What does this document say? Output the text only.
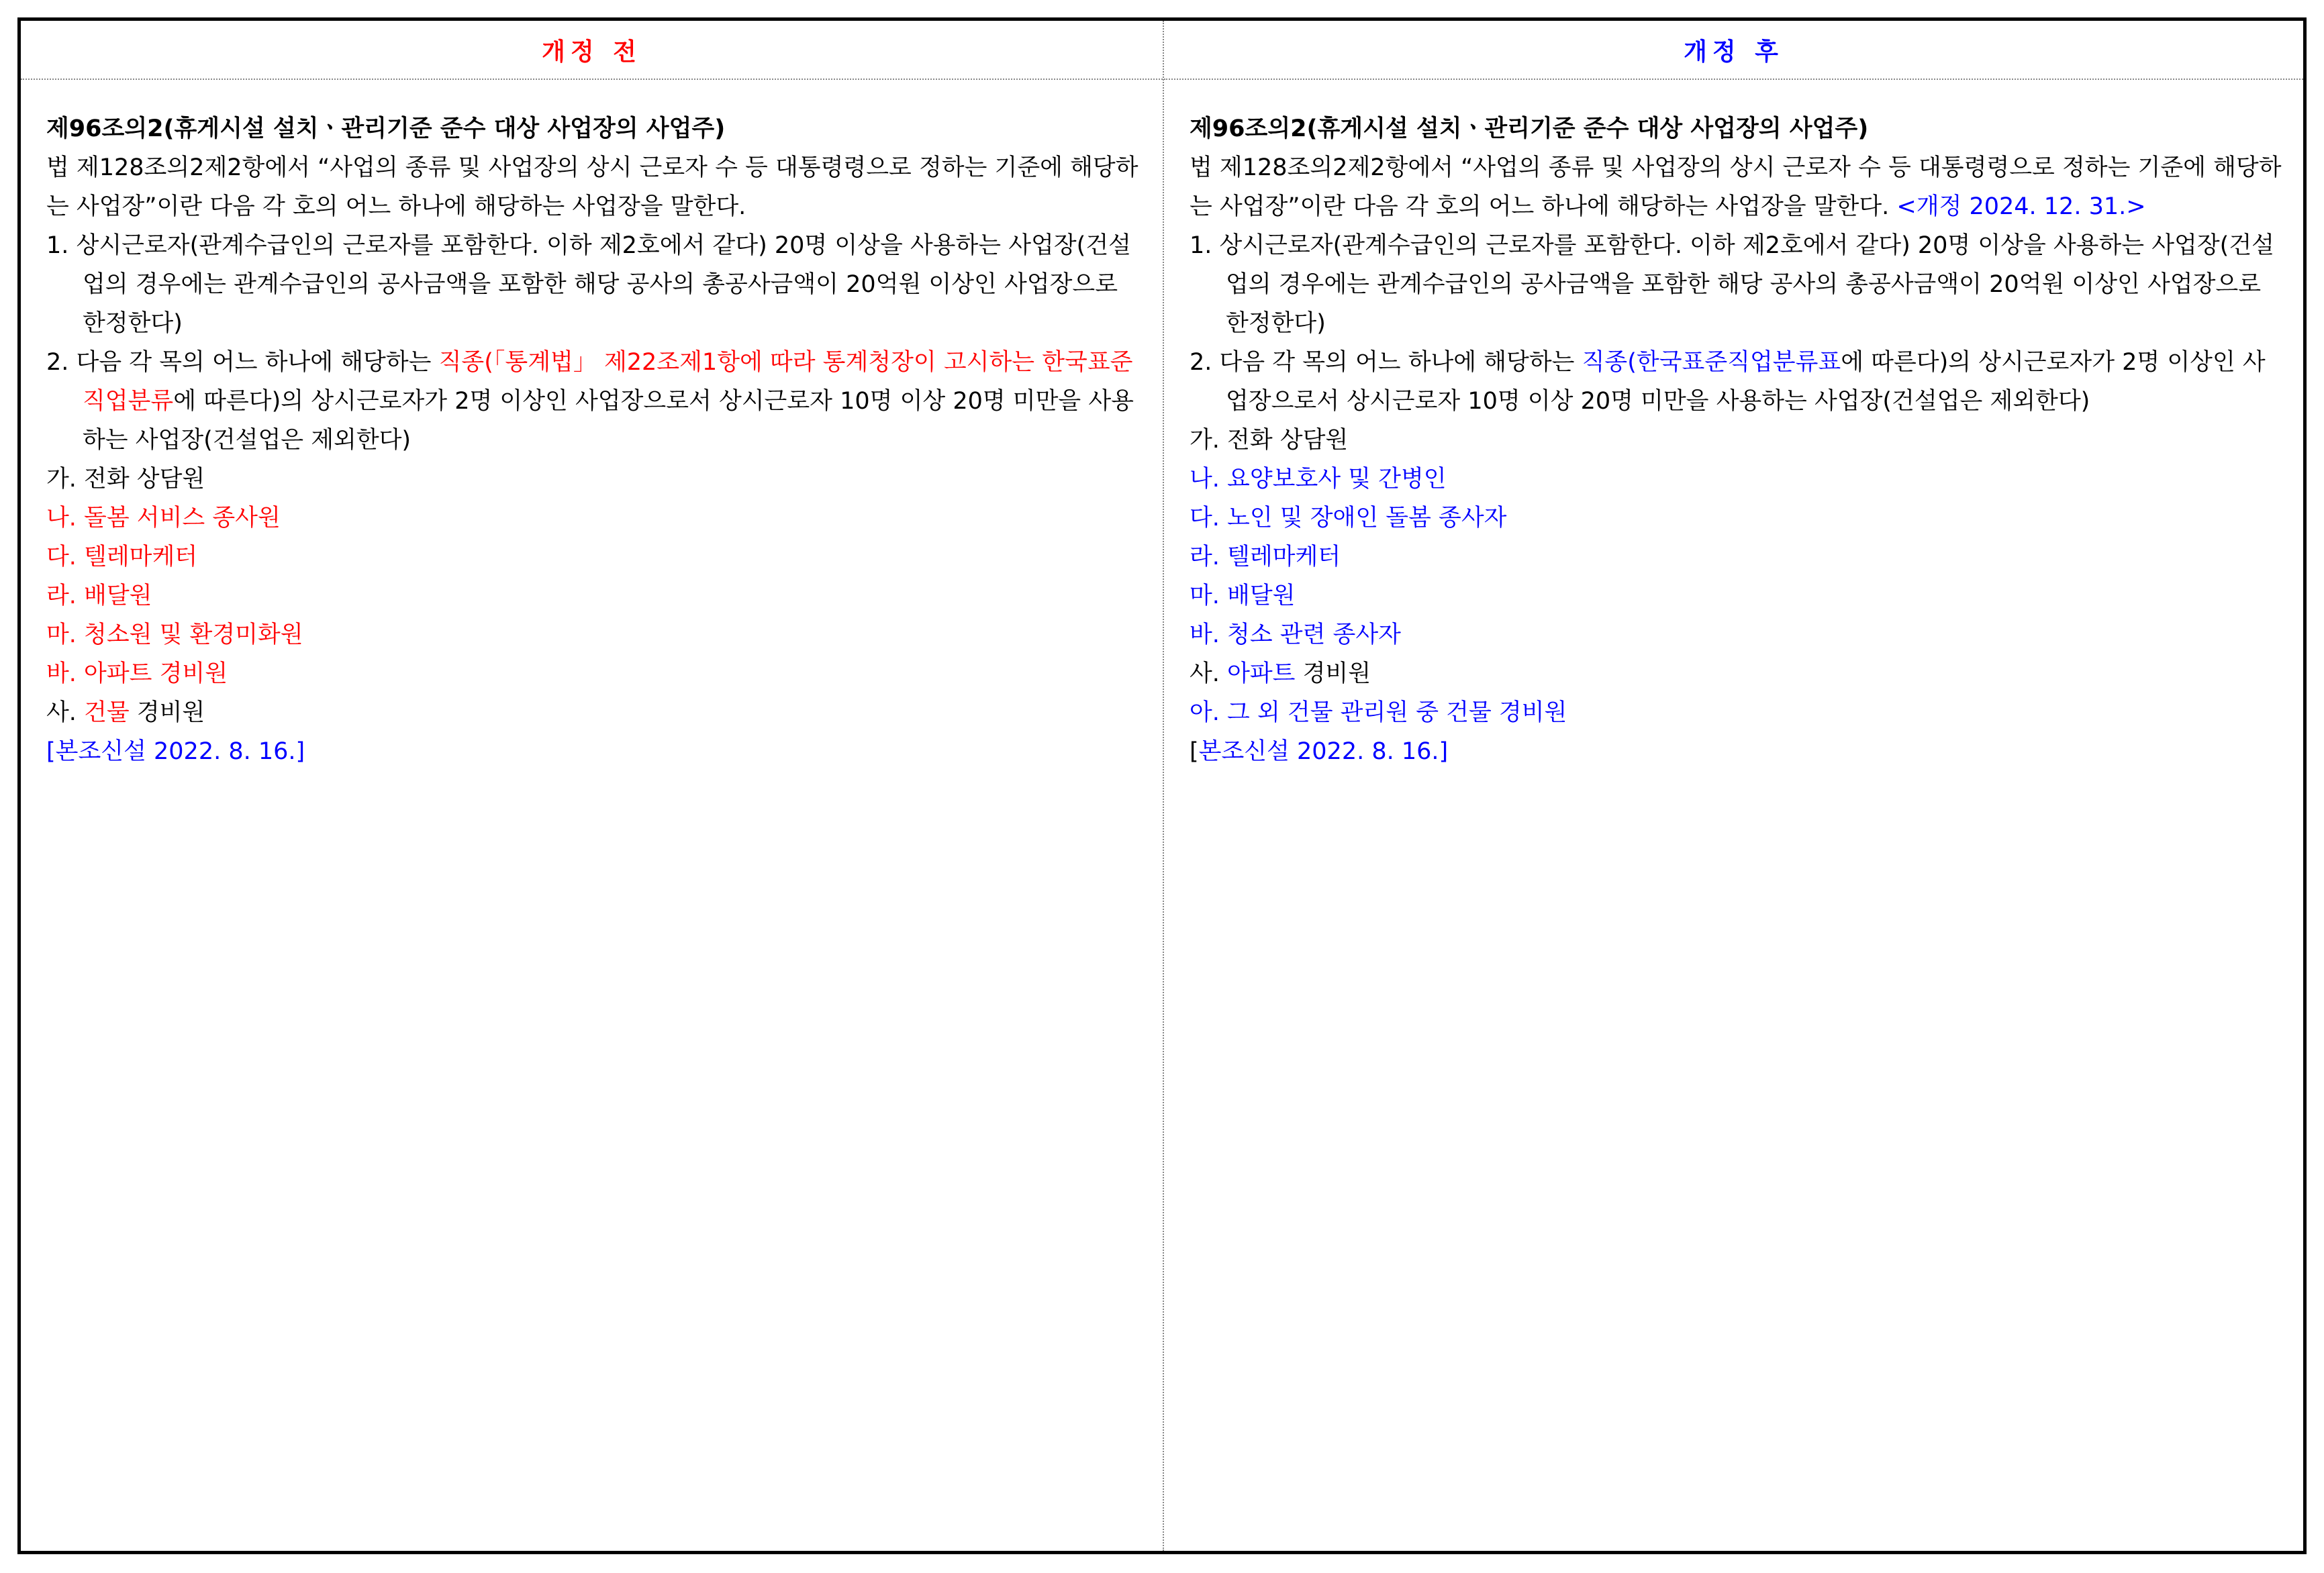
개정 전

제96조의2(휴게시설 설치ㆍ관리기준 준수 대상 사업장의 사업주)

법 제128조의2제2항에서 “사업의 종류 및 사업장의 상시 근로자 수 등 대통령령으로 정하는 기준에 해당하는 사업장”이란 다음 각 호의 어느 하나에 해당하는 사업장을 말한다.

1. 상시근로자(관계수급인의 근로자를 포함한다. 이하 제2호에서 같다) 20명 이상을 사용하는 사업장(건설업의 경우에는 관계수급인의 공사금액을 포함한 해당 공사의 총공사금액이 20억원 이상인 사업장으로 한정한다)

2. 다음 각 목의 어느 하나에 해당하는 직종(「통계법」 제22조제1항에 따라 통계청장이 고시하는 한국표준직업분류에 따른다)의 상시근로자가 2명 이상인 사업장으로서 상시근로자 10명 이상 20명 미만을 사용하는 사업장(건설업은 제외한다)

가. 전화 상담원

나. 돌봄 서비스 종사원

다. 텔레마케터

라. 배달원

마. 청소원 및 환경미화원

바. 아파트 경비원

사. 건물 경비원

[본조신설 2022. 8. 16.]

개정 후

제96조의2(휴게시설 설치ㆍ관리기준 준수 대상 사업장의 사업주)

법 제128조의2제2항에서 “사업의 종류 및 사업장의 상시 근로자 수 등 대통령령으로 정하는 기준에 해당하는 사업장”이란 다음 각 호의 어느 하나에 해당하는 사업장을 말한다. <개정 2024. 12. 31.>

1. 상시근로자(관계수급인의 근로자를 포함한다. 이하 제2호에서 같다) 20명 이상을 사용하는 사업장(건설업의 경우에는 관계수급인의 공사금액을 포함한 해당 공사의 총공사금액이 20억원 이상인 사업장으로 한정한다)

2. 다음 각 목의 어느 하나에 해당하는 직종(한국표준직업분류표에 따른다)의 상시근로자가 2명 이상인 사업장으로서 상시근로자 10명 이상 20명 미만을 사용하는 사업장(건설업은 제외한다)

가. 전화 상담원

나. 요양보호사 및 간병인

다. 노인 및 장애인 돌봄 종사자

라. 텔레마케터

마. 배달원

바. 청소 관련 종사자

사. 아파트 경비원

아. 그 외 건물 관리원 중 건물 경비원

[본조신설 2022. 8. 16.]
